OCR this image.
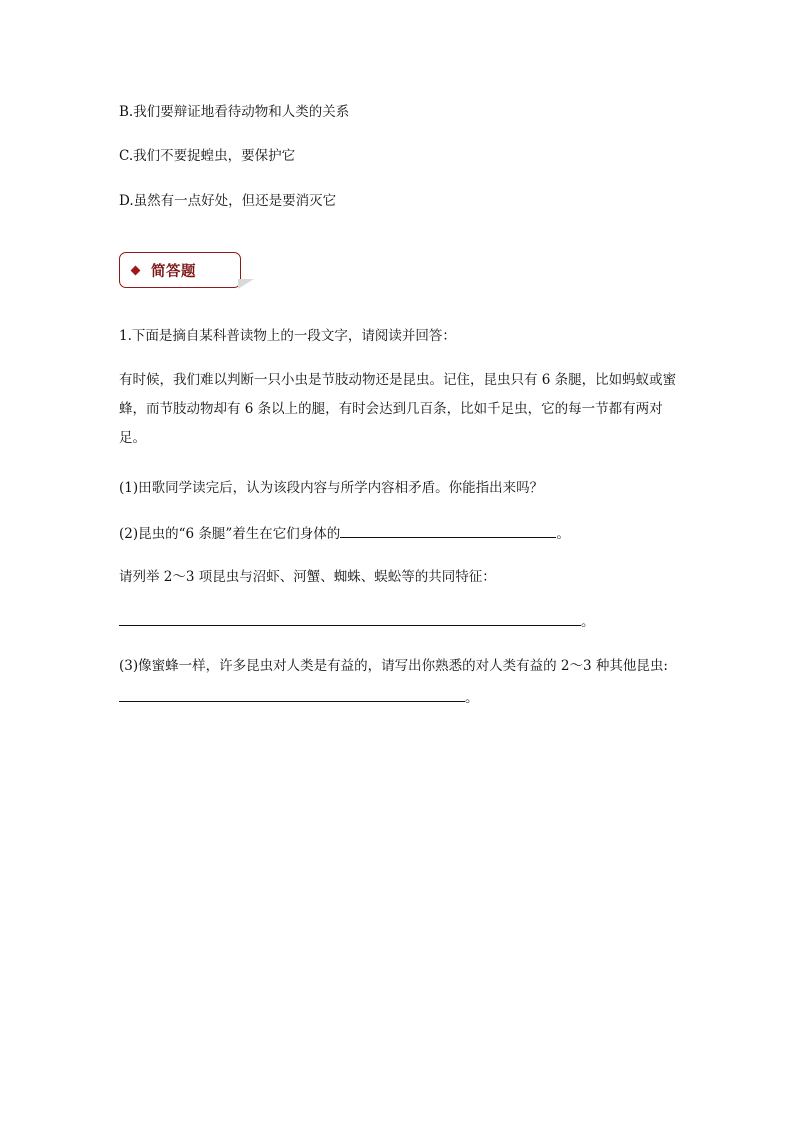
B.我们要辩证地看待动物和人类的关系
C.我们不要捉蝗虫，要保护它
D.虽然有一点好处，但还是要消灭它
简答题
1.下面是摘自某科普读物上的一段文字，请阅读并回答：
有时候，我们难以判断一只小虫是节肢动物还是昆虫。记住，昆虫只有 6 条腿，比如蚂蚁或蜜蜂，而节肢动物却有 6 条以上的腿，有时会达到几百条，比如千足虫，它的每一节都有两对足。
(1)田歌同学读完后，认为该段内容与所学内容相矛盾。你能指出来吗？
(2)昆虫的“6 条腿”着生在它们身体的	。
请列举 2～3 项昆虫与沼虾、河蟹、蜘蛛、蜈蚣等的共同特征：
。
(3)像蜜蜂一样，许多昆虫对人类是有益的，请写出你熟悉的对人类有益的 2～3 种其他昆虫:
。
